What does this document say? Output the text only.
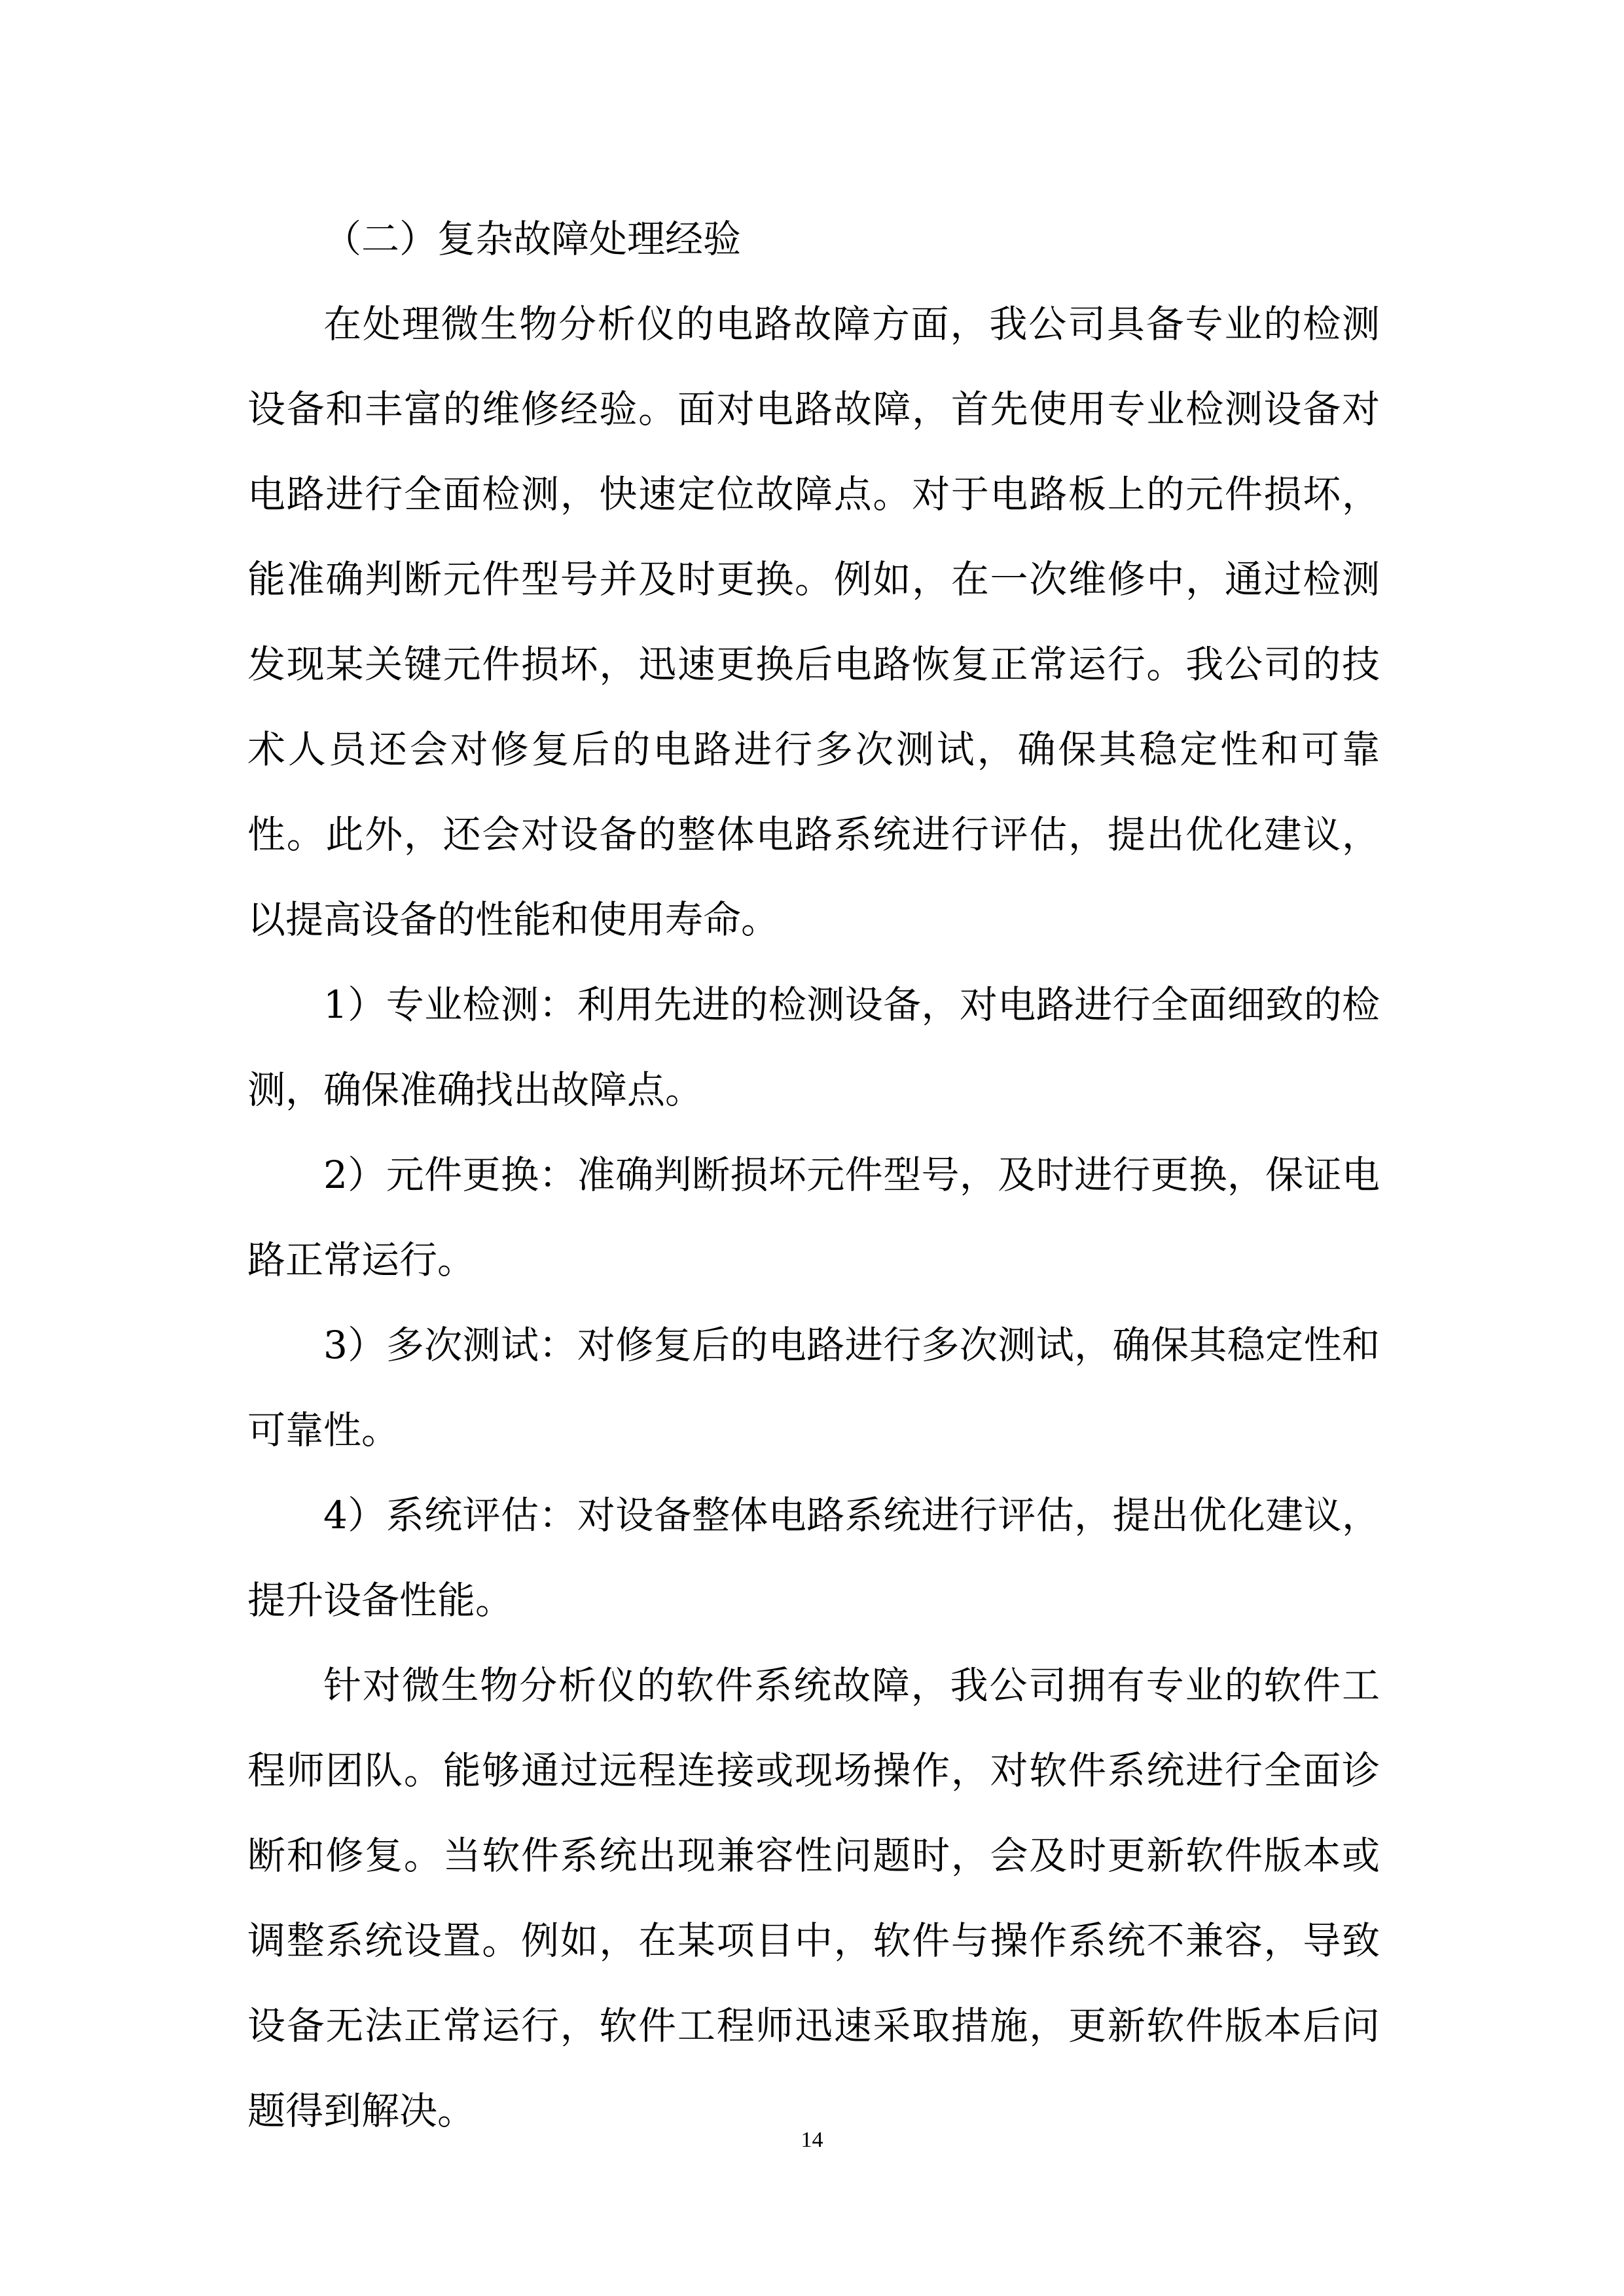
（二）复杂故障处理经验

在处理微生物分析仪的电路故障方面，我公司具备专业的检测设备和丰富的维修经验。面对电路故障，首先使用专业检测设备对电路进行全面检测，快速定位故障点。对于电路板上的元件损坏，能准确判断元件型号并及时更换。例如，在一次维修中，通过检测发现某关键元件损坏，迅速更换后电路恢复正常运行。我公司的技术人员还会对修复后的电路进行多次测试，确保其稳定性和可靠性。此外，还会对设备的整体电路系统进行评估，提出优化建议，以提高设备的性能和使用寿命。

1）专业检测：利用先进的检测设备，对电路进行全面细致的检测，确保准确找出故障点。

2）元件更换：准确判断损坏元件型号，及时进行更换，保证电路正常运行。

3）多次测试：对修复后的电路进行多次测试，确保其稳定性和可靠性。

4）系统评估：对设备整体电路系统进行评估，提出优化建议，提升设备性能。

针对微生物分析仪的软件系统故障，我公司拥有专业的软件工程师团队。能够通过远程连接或现场操作，对软件系统进行全面诊断和修复。当软件系统出现兼容性问题时，会及时更新软件版本或调整系统设置。例如，在某项目中，软件与操作系统不兼容，导致设备无法正常运行，软件工程师迅速采取措施，更新软件版本后问题得到解决。

14
